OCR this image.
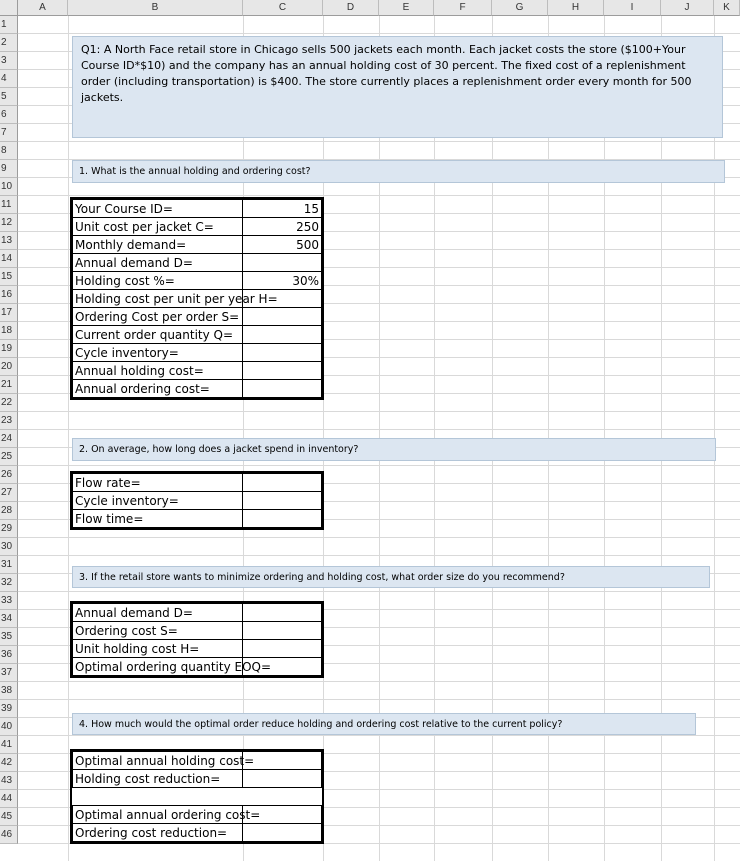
A	B	C	D	E	F	G	H	I	J	K
1
2
3
4
5
6
7
8
9
10
11
12
13
14
15
16
17
18
19
20
21
22
23
24
25
26
27
28
29
30
31
32
33
34
35
36
37
38
39
40
41
42
43
44
45
46
Q1: A North Face retail store in Chicago sells 500 jackets each month. Each jacket costs the store ($100+Your Course ID*$10) and the company has an annual holding cost of 30 percent. The fixed cost of a replenishment order (including transportation) is $400. The store currently places a replenishment order every month for 500 jackets.
1. What is the annual holding and ordering cost?
Your Course ID=	15
Unit cost per jacket C=	250
Monthly demand=	500
Annual demand D=	
Holding cost %=	30%
Holding cost per unit per year H=	
Ordering Cost per order S=	
Current order quantity Q=	
Cycle inventory=	
Annual holding cost=	
Annual ordering cost=	
2. On average, how long does a jacket spend in inventory?
Flow rate=	
Cycle inventory=	
Flow time=	
3. If the retail store wants to minimize ordering and holding cost, what order size do you recommend?
Annual demand D=	
Ordering cost S=	
Unit holding cost H=	
Optimal ordering quantity EOQ=	
4. How much would the optimal order reduce holding and ordering cost relative to the current policy?
Optimal annual holding cost=	
Holding cost reduction=	

Optimal annual ordering cost=	
Ordering cost reduction=	
